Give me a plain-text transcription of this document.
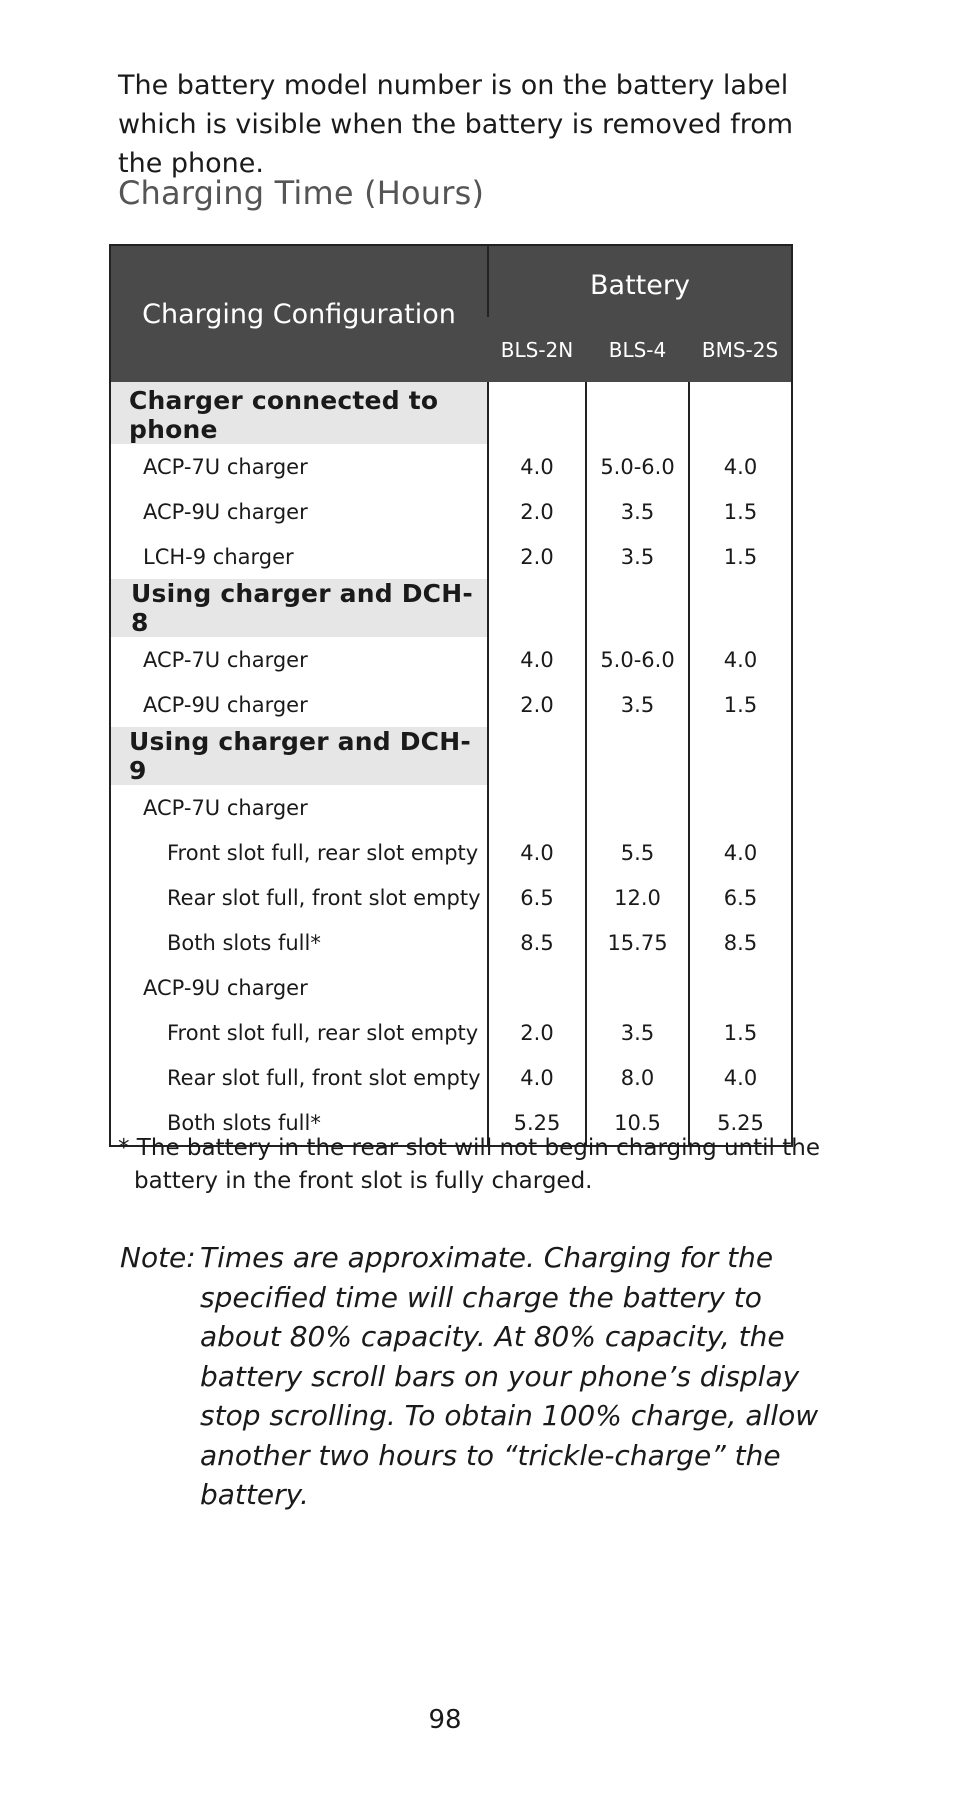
The battery model number is on the battery label which is visible when the battery is removed from the phone.

Charging Time (Hours)
Charging Configuration	Battery		
	BLS-2N	BLS-4	BMS-2S
Charger connected to phone			
ACP-7U charger	4.0	5.0-6.0	4.0
ACP-9U charger	2.0	3.5	1.5
LCH-9 charger	2.0	3.5	1.5
Using charger and DCH-8			
ACP-7U charger	4.0	5.0-6.0	4.0
ACP-9U charger	2.0	3.5	1.5
Using charger and DCH-9			
ACP-7U charger			
Front slot full, rear slot empty	4.0	5.5	4.0
Rear slot full, front slot empty	6.5	12.0	6.5
Both slots full*	8.5	15.75	8.5
ACP-9U charger			
Front slot full, rear slot empty	2.0	3.5	1.5
Rear slot full, front slot empty	4.0	8.0	4.0
Both slots full*	5.25	10.5	5.25

* The battery in the rear slot will not begin charging until the battery in the front slot is fully charged.

Note: Times are approximate. Charging for the specified time will charge the battery to about 80% capacity. At 80% capacity, the battery scroll bars on your phone’s display stop scrolling. To obtain 100% charge, allow another two hours to “trickle-charge” the battery.

98
